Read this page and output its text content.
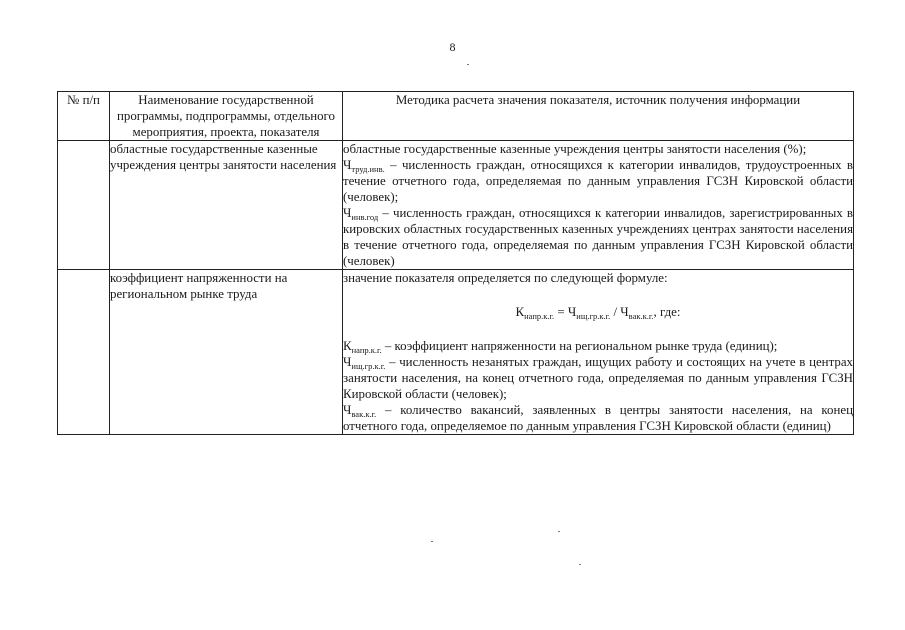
8
№ п/п	Наименование государственной программы, подпрограммы, отдельного мероприятия, проекта, показателя	Методика расчета значения показателя, источник получения информации
	областные государственные казенные учреждения центры занятости населения	областные государственные казенные учреждения центры занятости населения (%);
$Ч_{труд.инв.}$ – численность граждан, относящихся к категории инвалидов, трудоустроенных в течение отчетного года, определяемая по данным управления ГСЗН Кировской области (человек);
$Ч_{инв.год}$ – численность граждан, относящихся к категории инвалидов, зарегистрированных в кировских областных государственных казенных учреждениях центрах занятости населения в течение отчетного года, определяемая по данным управления ГСЗН Кировской области (человек)

	коэффициент напряженности на региональном рынке труда	значение показателя определяется по следующей формуле:
$К_{напр.к.г.} = Ч_{ищ.гр.к.г.} / Ч_{вак.к.г.}$, где:
$К_{напр.к.г.}$ – коэффициент напряженности на региональном рынке труда (единиц);
$Ч_{ищ.гр.к.г.}$ – численность незанятых граждан, ищущих работу и состоящих на учете в центрах занятости населения, на конец отчетного года, определяемая по данным управления ГСЗН Кировской области (человек);
$Ч_{вак.к.г.}$ – количество вакансий, заявленных в центры занятости населения, на конец отчетного года, определяемое по данным управления ГСЗН Кировской области (единиц)
